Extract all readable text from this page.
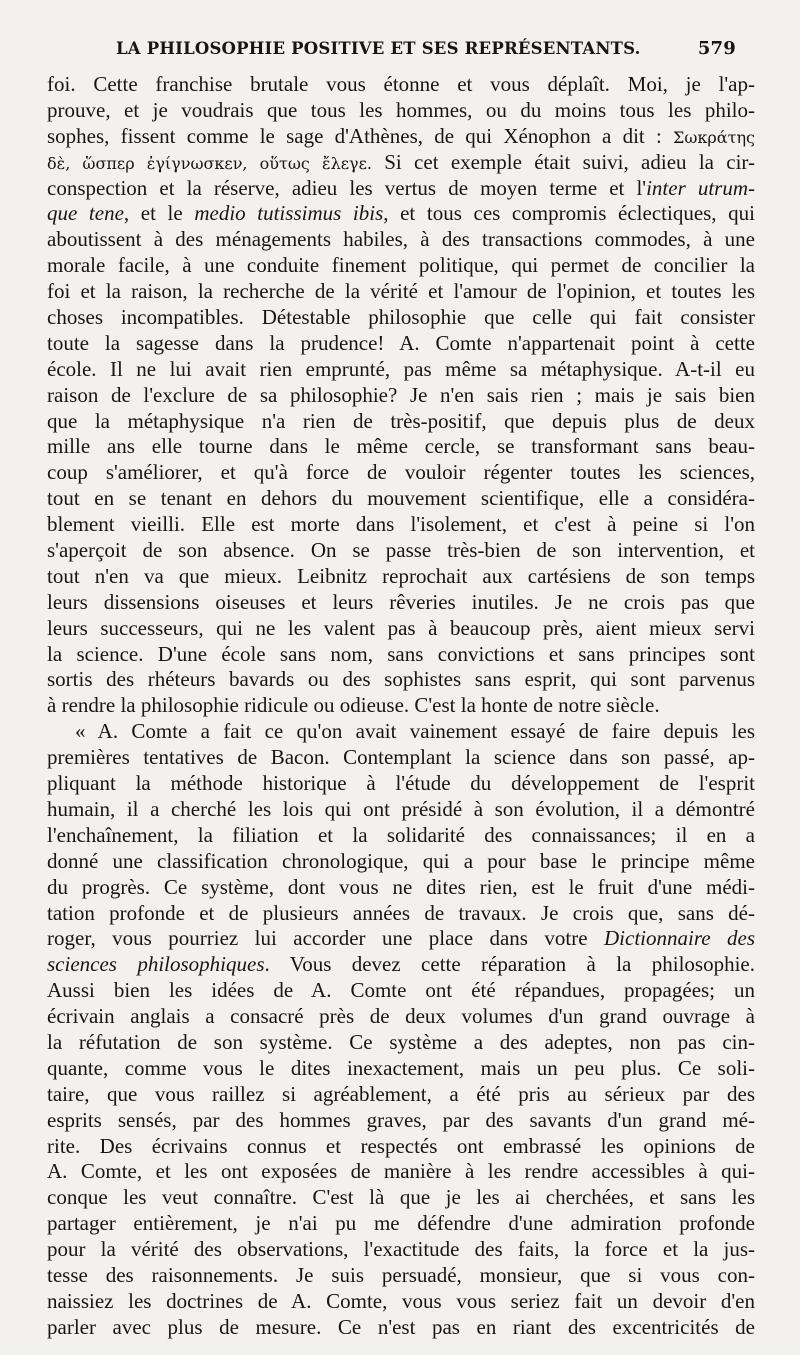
LA PHILOSOPHIE POSITIVE ET SES REPRÉSENTANTS.	579
foi. Cette franchise brutale vous étonne et vous déplaît. Moi, je l'ap-
prouve, et je voudrais que tous les hommes, ou du moins tous les philo-
sophes, fissent comme le sage d'Athènes, de qui Xénophon a dit : Σωκράτης
δὲ, ὥσπερ ἐγίγνωσκεν, οὕτως ἔλεγε. Si cet exemple était suivi, adieu la cir-
conspection et la réserve, adieu les vertus de moyen terme et l'inter utrum-
que tene, et le medio tutissimus ibis, et tous ces compromis éclectiques, qui
aboutissent à des ménagements habiles, à des transactions commodes, à une
morale facile, à une conduite finement politique, qui permet de concilier la
foi et la raison, la recherche de la vérité et l'amour de l'opinion, et toutes les
choses incompatibles. Détestable philosophie que celle qui fait consister
toute la sagesse dans la prudence! A. Comte n'appartenait point à cette
école. Il ne lui avait rien emprunté, pas même sa métaphysique. A-t-il eu
raison de l'exclure de sa philosophie? Je n'en sais rien ; mais je sais bien
que la métaphysique n'a rien de très-positif, que depuis plus de deux
mille ans elle tourne dans le même cercle, se transformant sans beau-
coup s'améliorer, et qu'à force de vouloir régenter toutes les sciences,
tout en se tenant en dehors du mouvement scientifique, elle a considéra-
blement vieilli. Elle est morte dans l'isolement, et c'est à peine si l'on
s'aperçoit de son absence. On se passe très-bien de son intervention, et
tout n'en va que mieux. Leibnitz reprochait aux cartésiens de son temps
leurs dissensions oiseuses et leurs rêveries inutiles. Je ne crois pas que
leurs successeurs, qui ne les valent pas à beaucoup près, aient mieux servi
la science. D'une école sans nom, sans convictions et sans principes sont
sortis des rhéteurs bavards ou des sophistes sans esprit, qui sont parvenus
à rendre la philosophie ridicule ou odieuse. C'est la honte de notre siècle.
« A. Comte a fait ce qu'on avait vainement essayé de faire depuis les
premières tentatives de Bacon. Contemplant la science dans son passé, ap-
pliquant la méthode historique à l'étude du développement de l'esprit
humain, il a cherché les lois qui ont présidé à son évolution, il a démontré
l'enchaînement, la filiation et la solidarité des connaissances; il en a
donné une classification chronologique, qui a pour base le principe même
du progrès. Ce système, dont vous ne dites rien, est le fruit d'une médi-
tation profonde et de plusieurs années de travaux. Je crois que, sans dé-
roger, vous pourriez lui accorder une place dans votre Dictionnaire des
sciences philosophiques. Vous devez cette réparation à la philosophie.
Aussi bien les idées de A. Comte ont été répandues, propagées; un
écrivain anglais a consacré près de deux volumes d'un grand ouvrage à
la réfutation de son système. Ce système a des adeptes, non pas cin-
quante, comme vous le dites inexactement, mais un peu plus. Ce soli-
taire, que vous raillez si agréablement, a été pris au sérieux par des
esprits sensés, par des hommes graves, par des savants d'un grand mé-
rite. Des écrivains connus et respectés ont embrassé les opinions de
A. Comte, et les ont exposées de manière à les rendre accessibles à qui-
conque les veut connaître. C'est là que je les ai cherchées, et sans les
partager entièrement, je n'ai pu me défendre d'une admiration profonde
pour la vérité des observations, l'exactitude des faits, la force et la jus-
tesse des raisonnements. Je suis persuadé, monsieur, que si vous con-
naissiez les doctrines de A. Comte, vous vous seriez fait un devoir d'en
parler avec plus de mesure. Ce n'est pas en riant des excentricités de
